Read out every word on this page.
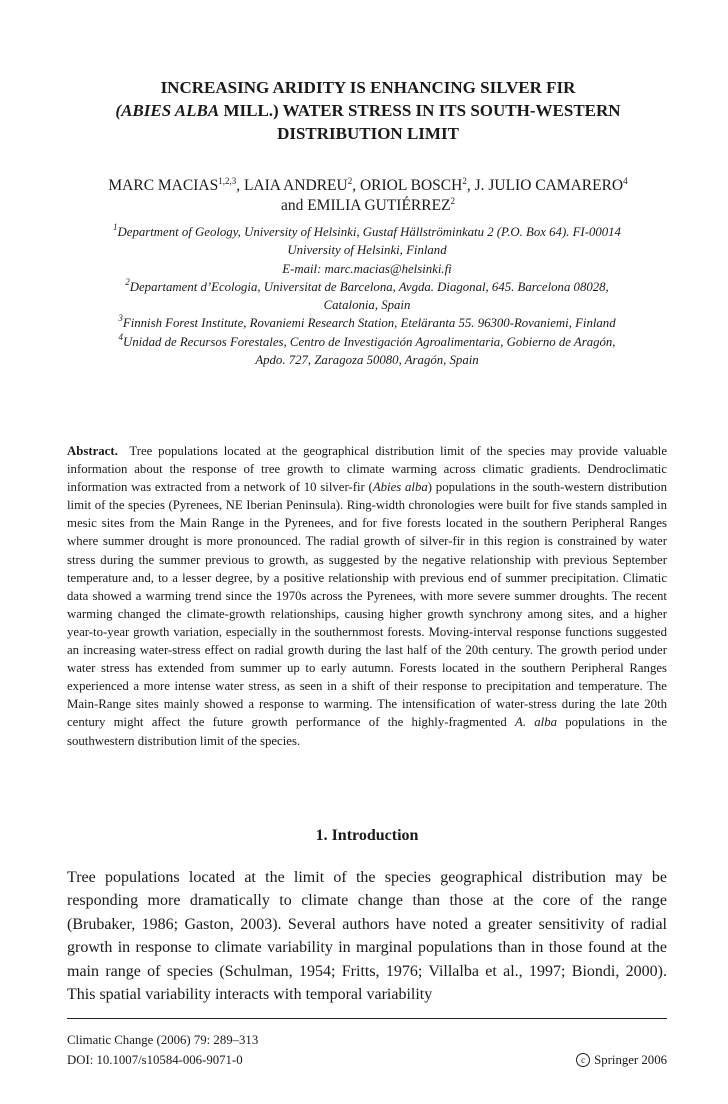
INCREASING ARIDITY IS ENHANCING SILVER FIR
(ABIES ALBA MILL.) WATER STRESS IN ITS SOUTH-WESTERN
DISTRIBUTION LIMIT
MARC MACIAS$^{1,2,3}$, LAIA ANDREU$^2$, ORIOL BOSCH$^2$, J. JULIO CAMARERO$^4$
and EMILIA GUTIÉRREZ$^2$
$^1$Department of Geology, University of Helsinki, Gustaf Hällströminkatu 2 (P.O. Box 64). FI-00014
University of Helsinki, Finland
E-mail: marc.macias@helsinki.fi
$^2$Departament d’Ecologia, Universitat de Barcelona, Avgda. Diagonal, 645. Barcelona 08028,
Catalonia, Spain
$^3$Finnish Forest Institute, Rovaniemi Research Station, Eteläranta 55. 96300-Rovaniemi, Finland
$^4$Unidad de Recursos Forestales, Centro de Investigación Agroalimentaria, Gobierno de Aragón,
Apdo. 727, Zaragoza 50080, Aragón, Spain
Abstract. Tree populations located at the geographical distribution limit of the species may provide valuable information about the response of tree growth to climate warming across climatic gradients. Dendroclimatic information was extracted from a network of 10 silver-fir (Abies alba) populations in the south-western distribution limit of the species (Pyrenees, NE Iberian Peninsula). Ring-width chronologies were built for five stands sampled in mesic sites from the Main Range in the Pyrenees, and for five forests located in the southern Peripheral Ranges where summer drought is more pronounced. The radial growth of silver-fir in this region is constrained by water stress during the summer previous to growth, as suggested by the negative relationship with previous September temperature and, to a lesser degree, by a positive relationship with previous end of summer precipitation. Climatic data showed a warming trend since the 1970s across the Pyrenees, with more severe summer droughts. The recent warming changed the climate-growth relationships, causing higher growth synchrony among sites, and a higher year-to-year growth variation, especially in the southernmost forests. Moving-interval response functions suggested an increasing water-stress effect on radial growth during the last half of the 20th century. The growth period under water stress has extended from summer up to early autumn. Forests located in the southern Peripheral Ranges experienced a more intense water stress, as seen in a shift of their response to precipitation and temperature. The Main-Range sites mainly showed a response to warming. The intensification of water-stress during the late 20th century might affect the future growth performance of the highly-fragmented A. alba populations in the southwestern distribution limit of the species.
1. Introduction
Tree populations located at the limit of the species geographical distribution may be responding more dramatically to climate change than those at the core of the range (Brubaker, 1986; Gaston, 2003). Several authors have noted a greater sensitivity of radial growth in response to climate variability in marginal populations than in those found at the main range of species (Schulman, 1954; Fritts, 1976; Villalba et al., 1997; Biondi, 2000). This spatial variability interacts with temporal variability
Climatic Change (2006) 79: 289–313
DOI: 10.1007/s10584-006-9071-0	c Springer 2006
